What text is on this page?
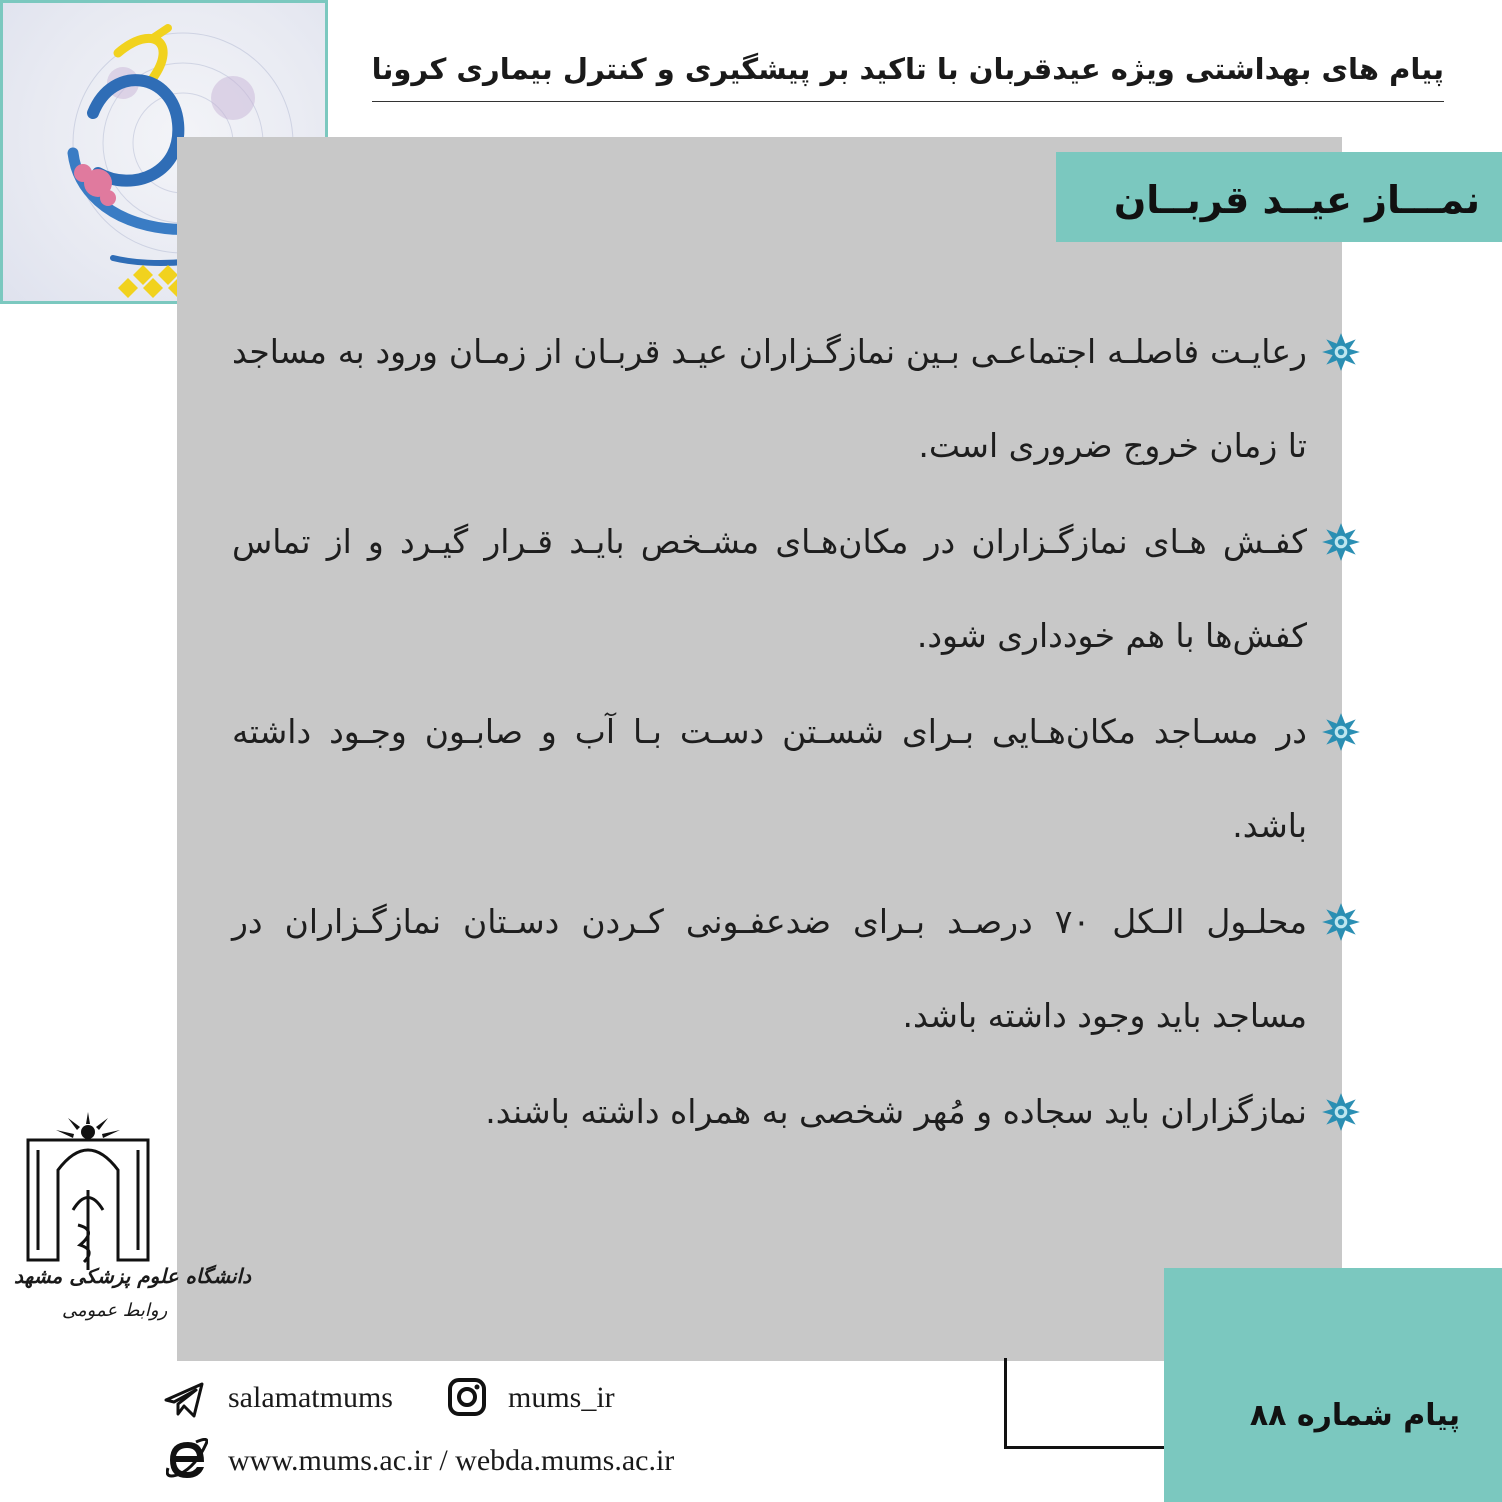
پیام های بهداشتی ویژه عیدقربان با تاکید بر پیشگیری و کنترل بیماری کرونا
نمـــاز عیــد قربــان
رعایـت فاصلـه اجتماعـی بـین نمازگـزاران عیـد قربـان از زمـان ورود به مساجد تا زمان خروج ضروری است.
کفـش هـای نمازگـزاران در مکان‌هـای مشـخص بایـد قـرار گیـرد و از تماس کفش‌ها با هم خودداری شود.
در مسـاجد مکان‌هـایی بـرای شسـتن دسـت بـا آب و صابـون وجـود داشته باشد.
محلـول الـکل ۷۰ درصـد بـرای ضدعفـونی کـردن دسـتان نمازگـزاران در مساجد باید وجود داشته باشد.
نمازگزاران باید سجاده و مُهر شخصی به همراه داشته باشند.
دانشگاه علوم پزشکی مشهد
روابط عمومی
پیام شماره ۸۸
salamatmums	mums_ir
www.mums.ac.ir / webda.mums.ac.ir
